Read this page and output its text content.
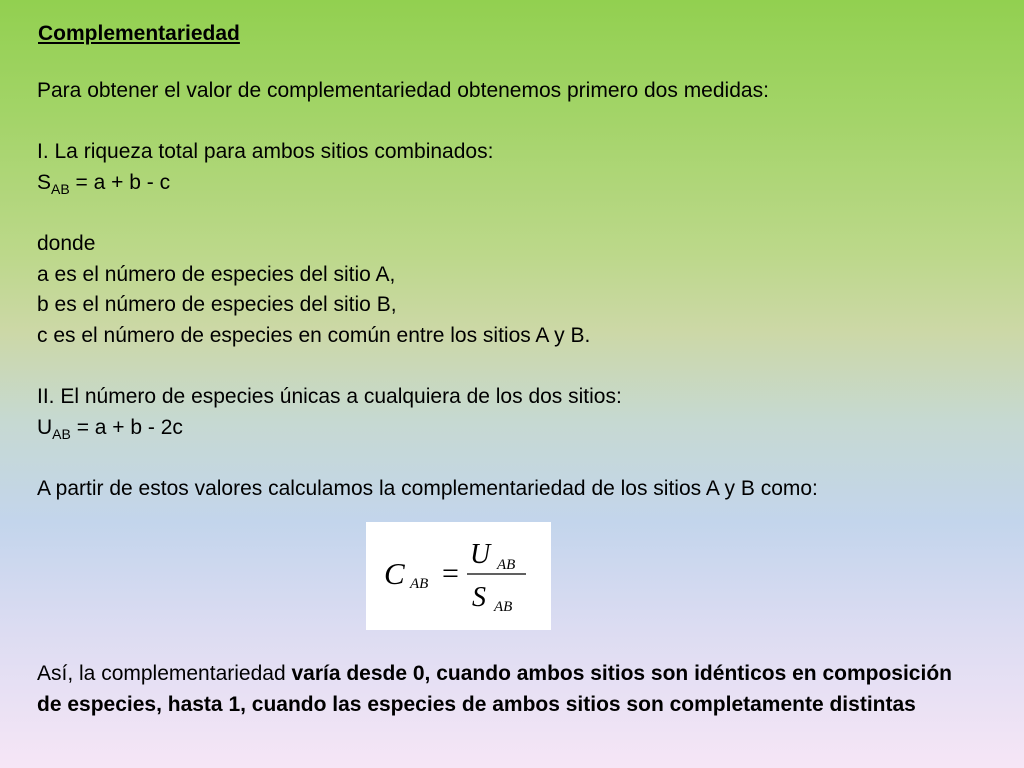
Complementariedad
Para obtener el valor de complementariedad obtenemos primero dos medidas:
I. La riqueza total para ambos sitios combinados:
$S_{AB} = a + b - c$
donde
a es el número de especies del sitio A,
b es el número de especies del sitio B,
c es el número de especies en común entre los sitios A y B.
II. El número de especies únicas a cualquiera de los dos sitios:
$U_{AB} = a + b - 2c$
A partir de estos valores calculamos la complementariedad de los sitios A y B como:
C AB =
U AB
S AB
Así, la complementariedad varía desde 0, cuando ambos sitios son idénticos en composición
de especies, hasta 1, cuando las especies de ambos sitios son completamente distintas
